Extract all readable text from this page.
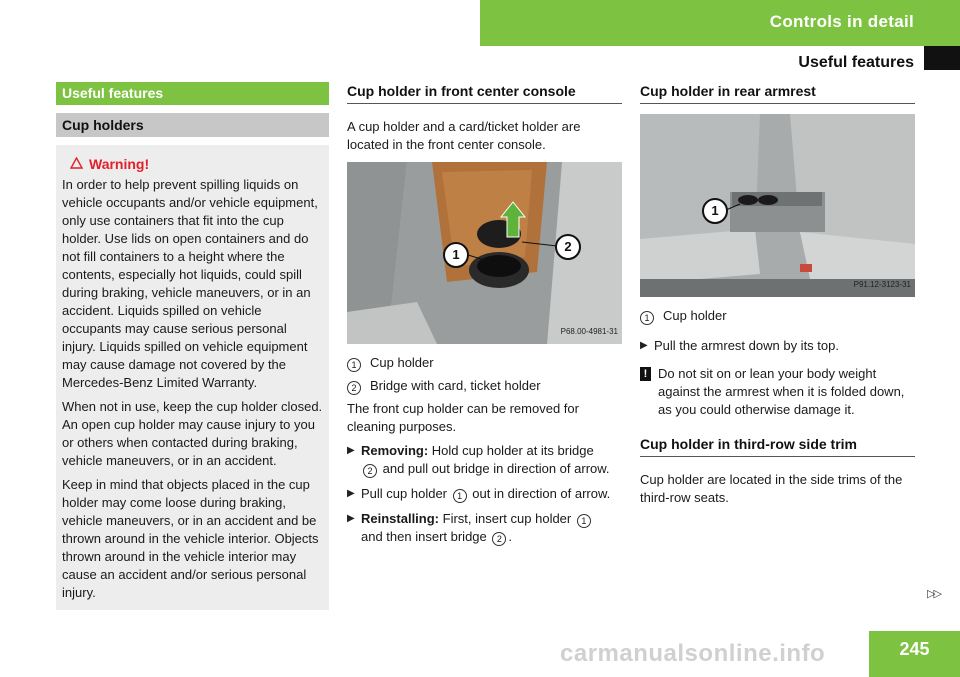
Controls in detail
Useful features
Useful features
Cup holders
Warning!

In order to help prevent spilling liquids on vehicle occupants and/or vehicle equipment, only use containers that fit into the cup holder. Use lids on open containers and do not fill containers to a height where the contents, especially hot liquids, could spill during braking, vehicle maneuvers, or in an accident. Liquids spilled on vehicle occupants may cause serious personal injury. Liquids spilled on vehicle equipment may cause damage not covered by the Mercedes-Benz Limited Warranty.

When not in use, keep the cup holder closed. An open cup holder may cause injury to you or others when contacted during braking, vehicle maneuvers, or in an accident.

Keep in mind that objects placed in the cup holder may come loose during braking, vehicle maneuvers, or in an accident and be thrown around in the vehicle interior. Objects thrown around in the vehicle interior may cause an accident and/or serious personal injury.

Cup holder in front center console

A cup holder and a card/ticket holder are located in the front center console.

1
2
P68.00-4981-31
1	Cup holder
2	Bridge with card, ticket holder

The front cup holder can be removed for cleaning purposes.

▶ Removing: Hold cup holder at its bridge
2 and pull out bridge in direction of arrow.
▶ Pull cup holder 1 out in direction of arrow.
▶ Reinstalling: First, insert cup holder 1
and then insert bridge 2 .
Cup holder in rear armrest
1
P91.12-3123-31
1	Cup holder
▶ Pull the armrest down by its top.
! Do not sit on or lean your body weight against the armrest when it is folded down, as you could otherwise damage it.
Cup holder in third-row side trim

Cup holder are located in the side trims of the third-row seats.

▷▷
245
carmanualsonline.info
